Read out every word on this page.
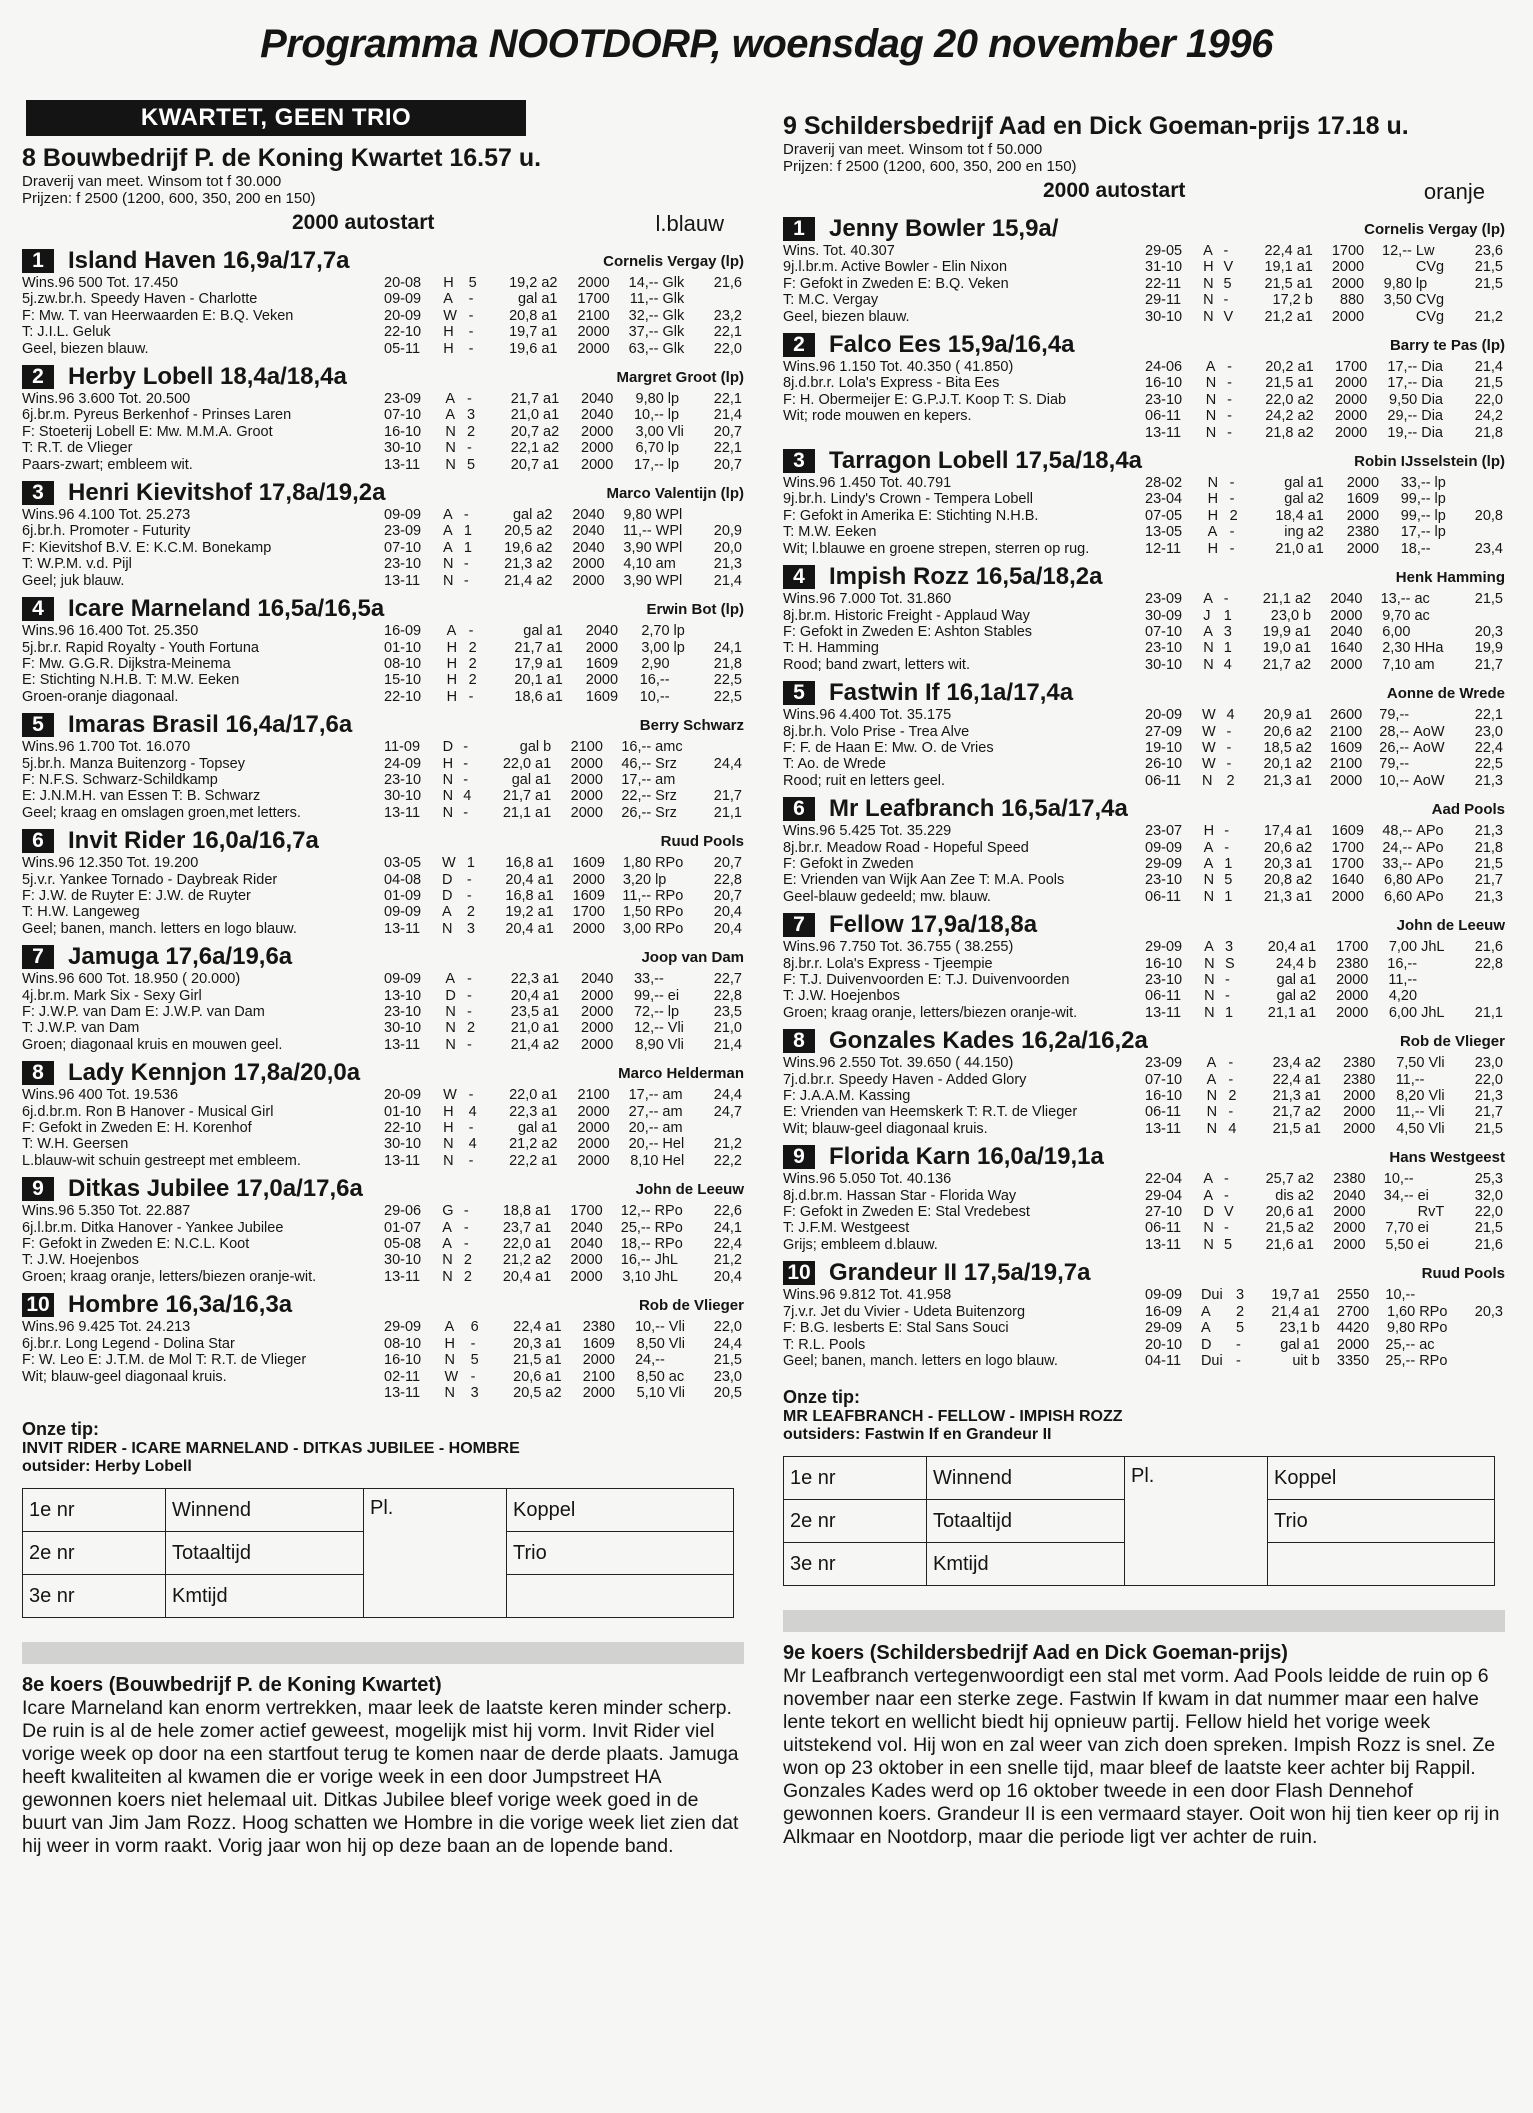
Programma NOOTDORP, woensdag 20 november 1996
KWARTET, GEEN TRIO
8 Bouwbedrijf P. de Koning Kwartet 16.57 u.
Draverij van meet. Winsom tot f 30.000
Prijzen: f 2500 (1200, 600, 350, 200 en 150)
2000 autostart	l.blauw
1	Island Haven 16,9a/17,7a	Cornelis Vergay (lp)
Wins.96 500 Tot. 17.450
5j.zw.br.h. Speedy Haven - Charlotte
F: Mw. T. van Heerwaarden E: B.Q. Veken
T: J.I.L. Geluk
Geel, biezen blauw.
20-08	H	5	19,2 a2	2000	14,--	Glk	21,6
09-09	A	-	gal a1	1700	11,--	Glk	
20-09	W	-	20,8 a1	2100	32,--	Glk	23,2
22-10	H	-	19,7 a1	2000	37,--	Glk	22,1
05-11	H	-	19,6 a1	2000	63,--	Glk	22,0
2	Herby Lobell 18,4a/18,4a	Margret Groot (lp)
Wins.96 3.600 Tot. 20.500
6j.br.m. Pyreus Berkenhof - Prinses Laren
F: Stoeterij Lobell E: Mw. M.M.A. Groot
T: R.T. de Vlieger
Paars-zwart; embleem wit.
23-09	A	-	21,7 a1	2040	9,80	lp	22,1
07-10	A	3	21,0 a1	2040	10,--	lp	21,4
16-10	N	2	20,7 a2	2000	3,00	Vli	20,7
30-10	N	-	22,1 a2	2000	6,70	lp	22,1
13-11	N	5	20,7 a1	2000	17,--	lp	20,7
3	Henri Kievitshof 17,8a/19,2a	Marco Valentijn (lp)
Wins.96 4.100 Tot. 25.273
6j.br.h. Promoter - Futurity
F: Kievitshof B.V. E: K.C.M. Bonekamp
T: W.P.M. v.d. Pijl
Geel; juk blauw.
09-09	A	-	gal a2	2040	9,80	WPl	
23-09	A	1	20,5 a2	2040	11,--	WPl	20,9
07-10	A	1	19,6 a2	2040	3,90	WPl	20,0
23-10	N	-	21,3 a2	2000	4,10	am	21,3
13-11	N	-	21,4 a2	2000	3,90	WPl	21,4
4	Icare Marneland 16,5a/16,5a	Erwin Bot (lp)
Wins.96 16.400 Tot. 25.350
5j.br.r. Rapid Royalty - Youth Fortuna
F: Mw. G.G.R. Dijkstra-Meinema
E: Stichting N.H.B. T: M.W. Eeken
Groen-oranje diagonaal.
16-09	A	-	gal a1	2040	2,70	lp	
01-10	H	2	21,7 a1	2000	3,00	lp	24,1
08-10	H	2	17,9 a1	1609	2,90		21,8
15-10	H	2	20,1 a1	2000	16,--		22,5
22-10	H	-	18,6 a1	1609	10,--		22,5
5	Imaras Brasil 16,4a/17,6a	Berry Schwarz
Wins.96 1.700 Tot. 16.070
5j.br.h. Manza Buitenzorg - Topsey
F: N.F.S. Schwarz-Schildkamp
E: J.N.M.H. van Essen T: B. Schwarz
Geel; kraag en omslagen groen,met letters.
11-09	D	-	gal b	2100	16,--	amc	
24-09	H	-	22,0 a1	2000	46,--	Srz	24,4
23-10	N	-	gal a1	2000	17,--	am	
30-10	N	4	21,7 a1	2000	22,--	Srz	21,7
13-11	N	-	21,1 a1	2000	26,--	Srz	21,1
6	Invit Rider 16,0a/16,7a	Ruud Pools
Wins.96 12.350 Tot. 19.200
5j.v.r. Yankee Tornado - Daybreak Rider
F: J.W. de Ruyter E: J.W. de Ruyter
T: H.W. Langeweg
Geel; banen, manch. letters en logo blauw.
03-05	W	1	16,8 a1	1609	1,80	RPo	20,7
04-08	D	-	20,4 a1	2000	3,20	lp	22,8
01-09	D	-	16,8 a1	1609	11,--	RPo	20,7
09-09	A	2	19,2 a1	1700	1,50	RPo	20,4
13-11	N	3	20,4 a1	2000	3,00	RPo	20,4
7	Jamuga 17,6a/19,6a	Joop van Dam
Wins.96 600 Tot. 18.950 ( 20.000)
4j.br.m. Mark Six - Sexy Girl
F: J.W.P. van Dam E: J.W.P. van Dam
T: J.W.P. van Dam
Groen; diagonaal kruis en mouwen geel.
09-09	A	-	22,3 a1	2040	33,--		22,7
13-10	D	-	20,4 a1	2000	99,--	ei	22,8
23-10	N	-	23,5 a1	2000	72,--	lp	23,5
30-10	N	2	21,0 a1	2000	12,--	Vli	21,0
13-11	N	-	21,4 a2	2000	8,90	Vli	21,4
8	Lady Kennjon 17,8a/20,0a	Marco Helderman
Wins.96 400 Tot. 19.536
6j.d.br.m. Ron B Hanover - Musical Girl
F: Gefokt in Zweden E: H. Korenhof
T: W.H. Geersen
L.blauw-wit schuin gestreept met embleem.
20-09	W	-	22,0 a1	2100	17,--	am	24,4
01-10	H	4	22,3 a1	2000	27,--	am	24,7
22-10	H	-	gal a1	2000	20,--	am	
30-10	N	4	21,2 a2	2000	20,--	Hel	21,2
13-11	N	-	22,2 a1	2000	8,10	Hel	22,2
9	Ditkas Jubilee 17,0a/17,6a	John de Leeuw
Wins.96 5.350 Tot. 22.887
6j.l.br.m. Ditka Hanover - Yankee Jubilee
F: Gefokt in Zweden E: N.C.L. Koot
T: J.W. Hoejenbos
Groen; kraag oranje, letters/biezen oranje-wit.
29-06	G	-	18,8 a1	1700	12,--	RPo	22,6
01-07	A	-	23,7 a1	2040	25,--	RPo	24,1
05-08	A	-	22,0 a1	2040	18,--	RPo	22,4
30-10	N	2	21,2 a2	2000	16,--	JhL	21,2
13-11	N	2	20,4 a1	2000	3,10	JhL	20,4
10 Hombre 16,3a/16,3a	Rob de Vlieger
Wins.96 9.425 Tot. 24.213
6j.br.r. Long Legend - Dolina Star
F: W. Leo E: J.T.M. de Mol T: R.T. de Vlieger
Wit; blauw-geel diagonaal kruis.
29-09	A	6	22,4 a1	2380	10,--	Vli	22,0
08-10	H	-	20,3 a1	1609	8,50	Vli	24,4
16-10	N	5	21,5 a1	2000	24,--		21,5
02-11	W	-	20,6 a1	2100	8,50	ac	23,0
13-11	N	3	20,5 a2	2000	5,10	Vli	20,5
Onze tip:
INVIT RIDER - ICARE MARNELAND - DITKAS JUBILEE - HOMBRE
outsider: Herby Lobell
1e nr	Winnend	Pl.	Koppel
2e nr	Totaaltijd		Trio
3e nr	Kmtijd		
8e koers (Bouwbedrijf P. de Koning Kwartet)
Icare Marneland kan enorm vertrekken, maar leek de laatste keren minder scherp. De ruin is al de hele zomer actief geweest, mogelijk mist hij vorm. Invit Rider viel vorige week op door na een startfout terug te komen naar de derde plaats. Jamuga heeft kwaliteiten al kwamen die er vorige week in een door Jumpstreet HA gewonnen koers niet helemaal uit. Ditkas Jubilee bleef vorige week goed in de buurt van Jim Jam Rozz. Hoog schatten we Hombre in die vorige week liet zien dat hij weer in vorm raakt. Vorig jaar won hij op deze baan an de lopende band.
9 Schildersbedrijf Aad en Dick Goeman-prijs 17.18 u.
Draverij van meet. Winsom tot f 50.000
Prijzen: f 2500 (1200, 600, 350, 200 en 150)
2000 autostart	oranje
1	Jenny Bowler 15,9a/	Cornelis Vergay (lp)
Wins. Tot. 40.307
9j.l.br.m. Active Bowler - Elin Nixon
F: Gefokt in Zweden E: B.Q. Veken
T: M.C. Vergay
Geel, biezen blauw.
29-05	A	-	22,4 a1	1700	12,--	Lw	23,6
31-10	H	V	19,1 a1	2000		CVg	21,5
22-11	N	5	21,5 a1	2000	9,80	lp	21,5
29-11	N	-	17,2 b	880	3,50	CVg	
30-10	N	V	21,2 a1	2000		CVg	21,2
2	Falco Ees 15,9a/16,4a	Barry te Pas (lp)
Wins.96 1.150 Tot. 40.350 ( 41.850)
8j.d.br.r. Lola's Express - Bita Ees
F: H. Obermeijer E: G.P.J.T. Koop T: S. Diab
Wit; rode mouwen en kepers.
24-06	A	-	20,2 a1	1700	17,--	Dia	21,4
16-10	N	-	21,5 a1	2000	17,--	Dia	21,5
23-10	N	-	22,0 a2	2000	9,50	Dia	22,0
06-11	N	-	24,2 a2	2000	29,--	Dia	24,2
13-11	N	-	21,8 a2	2000	19,--	Dia	21,8
3	Tarragon Lobell 17,5a/18,4a	Robin IJsselstein (lp)
Wins.96 1.450 Tot. 40.791
9j.br.h. Lindy's Crown - Tempera Lobell
F: Gefokt in Amerika E: Stichting N.H.B.
T: M.W. Eeken
Wit; l.blauwe en groene strepen, sterren op rug.
28-02	N	-	gal a1	2000	33,--	lp	
23-04	H	-	gal a2	1609	99,--	lp	
07-05	H	2	18,4 a1	2000	99,--	lp	20,8
13-05	A	-	ing a2	2380	17,--	lp	
12-11	H	-	21,0 a1	2000	18,--		23,4
4	Impish Rozz 16,5a/18,2a	Henk Hamming
Wins.96 7.000 Tot. 31.860
8j.br.m. Historic Freight - Applaud Way
F: Gefokt in Zweden E: Ashton Stables
T: H. Hamming
Rood; band zwart, letters wit.
23-09	A	-	21,1 a2	2040	13,--	ac	21,5
30-09	J	1	23,0 b	2000	9,70	ac	
07-10	A	3	19,9 a1	2040	6,00		20,3
23-10	N	1	19,0 a1	1640	2,30	HHa	19,9
30-10	N	4	21,7 a2	2000	7,10	am	21,7
5	Fastwin If 16,1a/17,4a	Aonne de Wrede
Wins.96 4.400 Tot. 35.175
8j.br.h. Volo Prise - Trea Alve
F: F. de Haan E: Mw. O. de Vries
T: Ao. de Wrede
Rood; ruit en letters geel.
20-09	W	4	20,9 a1	2600	79,--		22,1
27-09	W	-	20,6 a2	2100	28,--	AoW	23,0
19-10	W	-	18,5 a2	1609	26,--	AoW	22,4
26-10	W	-	20,1 a2	2100	79,--		22,5
06-11	N	2	21,3 a1	2000	10,--	AoW	21,3
6	Mr Leafbranch 16,5a/17,4a	Aad Pools
Wins.96 5.425 Tot. 35.229
8j.br.r. Meadow Road - Hopeful Speed
F: Gefokt in Zweden
E: Vrienden van Wijk Aan Zee T: M.A. Pools
Geel-blauw gedeeld; mw. blauw.
23-07	H	-	17,4 a1	1609	48,--	APo	21,3
09-09	A	-	20,6 a2	1700	24,--	APo	21,8
29-09	A	1	20,3 a1	1700	33,--	APo	21,5
23-10	N	5	20,8 a2	1640	6,80	APo	21,7
06-11	N	1	21,3 a1	2000	6,60	APo	21,3
7	Fellow 17,9a/18,8a	John de Leeuw
Wins.96 7.750 Tot. 36.755 ( 38.255)
8j.br.r. Lola's Express - Tjeempie
F: T.J. Duivenvoorden E: T.J. Duivenvoorden
T: J.W. Hoejenbos
Groen; kraag oranje, letters/biezen oranje-wit.
29-09	A	3	20,4 a1	1700	7,00	JhL	21,6
16-10	N	S	24,4 b	2380	16,--		22,8
23-10	N	-	gal a1	2000	11,--		
06-11	N	-	gal a2	2000	4,20		
13-11	N	1	21,1 a1	2000	6,00	JhL	21,1
8	Gonzales Kades 16,2a/16,2a	Rob de Vlieger
Wins.96 2.550 Tot. 39.650 ( 44.150)
7j.d.br.r. Speedy Haven - Added Glory
F: J.A.A.M. Kassing
E: Vrienden van Heemskerk T: R.T. de Vlieger
Wit; blauw-geel diagonaal kruis.
23-09	A	-	23,4 a2	2380	7,50	Vli	23,0
07-10	A	-	22,4 a1	2380	11,--		22,0
16-10	N	2	21,3 a1	2000	8,20	Vli	21,3
06-11	N	-	21,7 a2	2000	11,--	Vli	21,7
13-11	N	4	21,5 a1	2000	4,50	Vli	21,5
9	Florida Karn 16,0a/19,1a	Hans Westgeest
Wins.96 5.050 Tot. 40.136
8j.d.br.m. Hassan Star - Florida Way
F: Gefokt in Zweden E: Stal Vredebest
T: J.F.M. Westgeest
Grijs; embleem d.blauw.
22-04	A	-	25,7 a2	2380	10,--		25,3
29-04	A	-	dis a2	2040	34,--	ei	32,0
27-10	D	V	20,6 a1	2000		RvT	22,0
06-11	N	-	21,5 a2	2000	7,70	ei	21,5
13-11	N	5	21,6 a1	2000	5,50	ei	21,6
10 Grandeur II 17,5a/19,7a	Ruud Pools
Wins.96 9.812 Tot. 41.958
7j.v.r. Jet du Vivier - Udeta Buitenzorg
F: B.G. Iesberts E: Stal Sans Souci
T: R.L. Pools
Geel; banen, manch. letters en logo blauw.
09-09	Dui	3	19,7 a1	2550	10,--		
16-09	A	2	21,4 a1	2700	1,60	RPo	20,3
29-09	A	5	23,1 b	4420	9,80	RPo	
20-10	D	-	gal a1	2000	25,--	ac	
04-11	Dui	-	uit b	3350	25,--	RPo	
Onze tip:
MR LEAFBRANCH - FELLOW - IMPISH ROZZ
outsiders: Fastwin If en Grandeur II
1e nr	Winnend	Pl.	Koppel
2e nr	Totaaltijd		Trio
3e nr	Kmtijd		
9e koers (Schildersbedrijf Aad en Dick Goeman-prijs)
Mr Leafbranch vertegenwoordigt een stal met vorm. Aad Pools leidde de ruin op 6 november naar een sterke zege. Fastwin If kwam in dat nummer maar een halve lente tekort en wellicht biedt hij opnieuw partij. Fellow hield het vorige week uitstekend vol. Hij won en zal weer van zich doen spreken. Impish Rozz is snel. Ze won op 23 oktober in een snelle tijd, maar bleef de laatste keer achter bij Rappil. Gonzales Kades werd op 16 oktober tweede in een door Flash Dennehof gewonnen koers. Grandeur II is een vermaard stayer. Ooit won hij tien keer op rij in Alkmaar en Nootdorp, maar die periode ligt ver achter de ruin.
